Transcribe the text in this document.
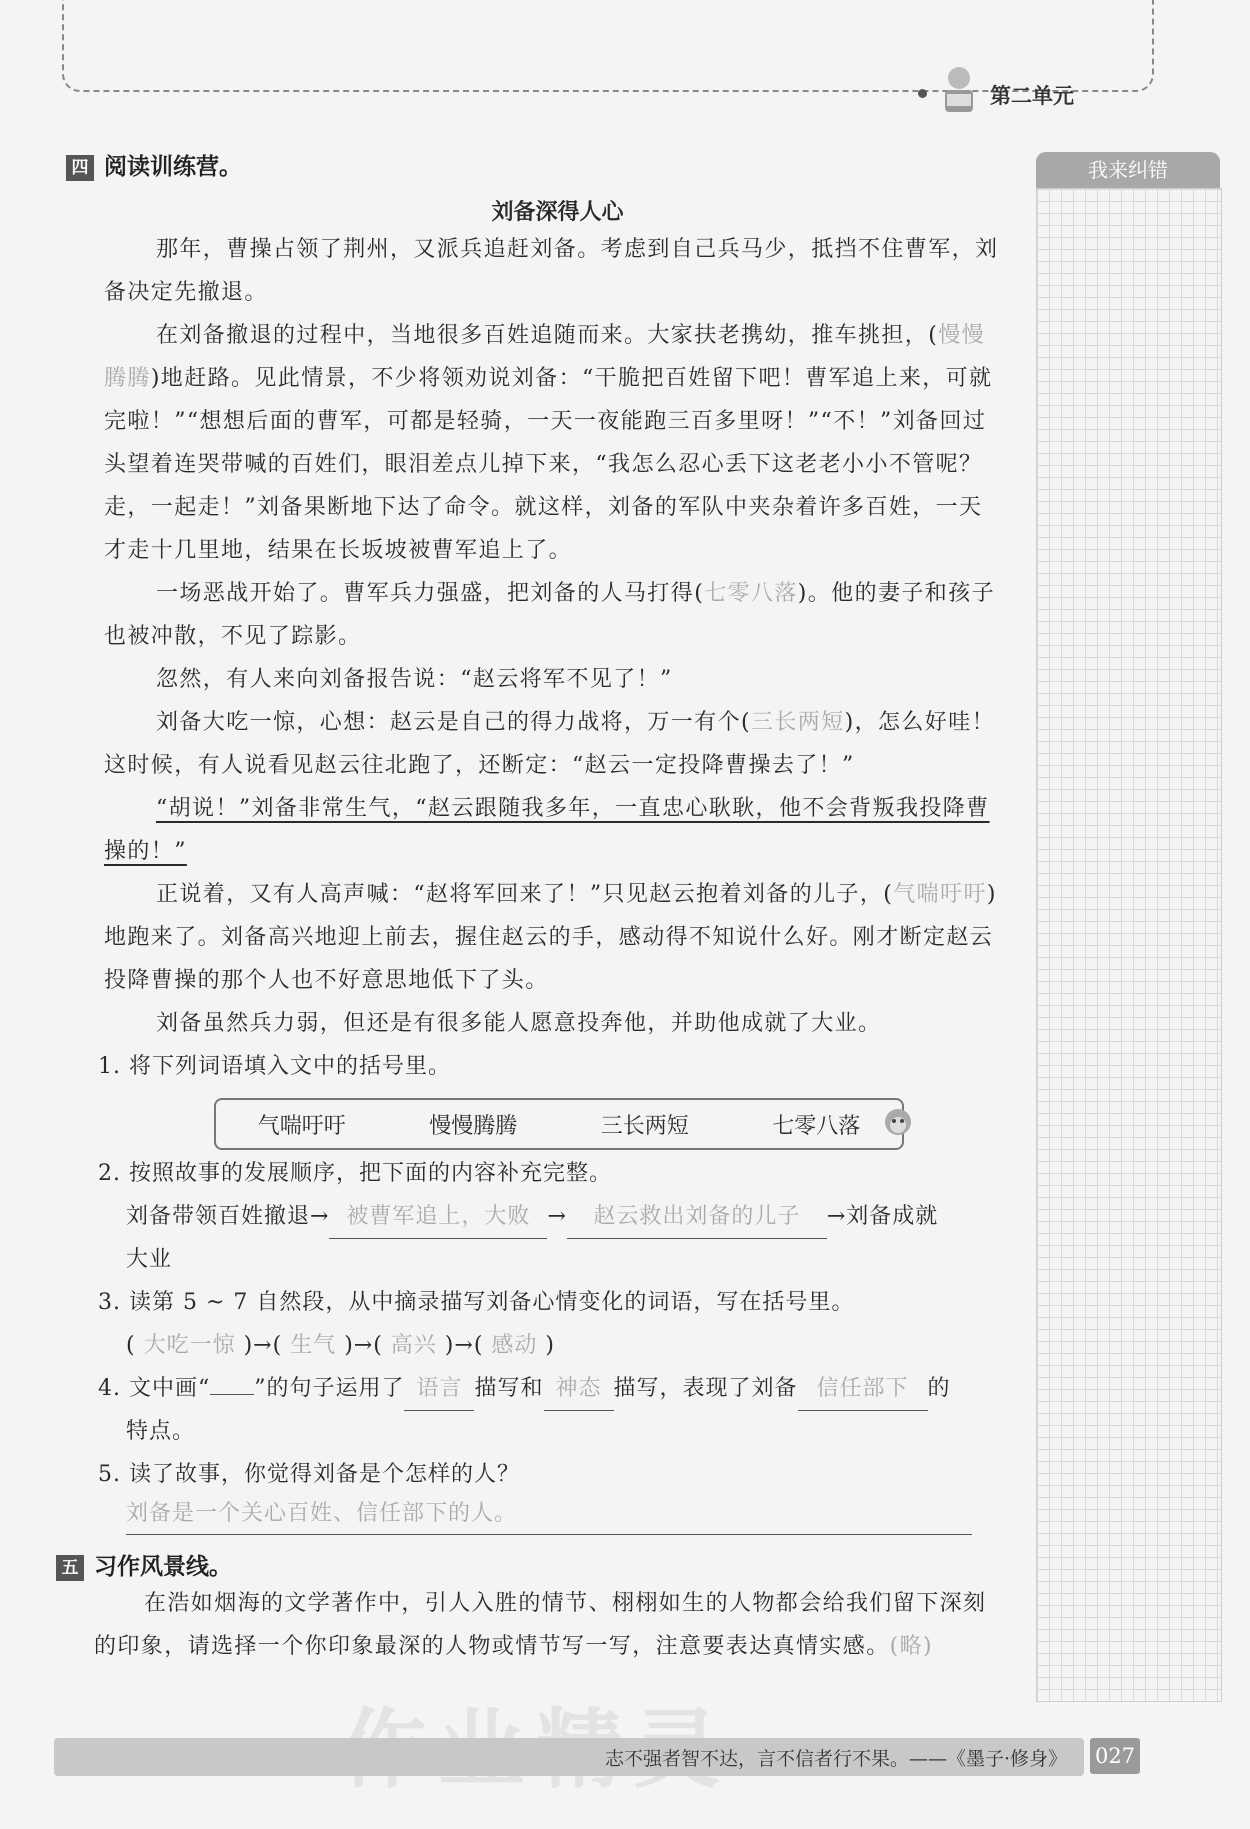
第二单元
四 阅读训练营。	我来纠错
刘备深得人心

那年，曹操占领了荆州，又派兵追赶刘备。考虑到自己兵马少，抵挡不住曹军，刘备决定先撤退。

在刘备撤退的过程中，当地很多百姓追随而来。大家扶老携幼，推车挑担，(慢慢腾腾)地赶路。见此情景，不少将领劝说刘备：“干脆把百姓留下吧！曹军追上来，可就完啦！”“想想后面的曹军，可都是轻骑，一天一夜能跑三百多里呀！”“不！”刘备回过头望着连哭带喊的百姓们，眼泪差点儿掉下来，“我怎么忍心丢下这老老小小不管呢？走，一起走！”刘备果断地下达了命令。就这样，刘备的军队中夹杂着许多百姓，一天才走十几里地，结果在长坂坡被曹军追上了。

一场恶战开始了。曹军兵力强盛，把刘备的人马打得(七零八落)。他的妻子和孩子也被冲散，不见了踪影。

忽然，有人来向刘备报告说：“赵云将军不见了！”

刘备大吃一惊，心想：赵云是自己的得力战将，万一有个(三长两短)，怎么好哇！这时候，有人说看见赵云往北跑了，还断定：“赵云一定投降曹操去了！”

“胡说！”刘备非常生气，“赵云跟随我多年，一直忠心耿耿，他不会背叛我投降曹操的！”

正说着，又有人高声喊：“赵将军回来了！”只见赵云抱着刘备的儿子，(气喘吁吁)地跑来了。刘备高兴地迎上前去，握住赵云的手，感动得不知说什么好。刚才断定赵云投降曹操的那个人也不好意思地低下了头。

刘备虽然兵力弱，但还是有很多能人愿意投奔他，并助他成就了大业。

1. 将下列词语填入文中的括号里。
气喘吁吁	慢慢腾腾	三长两短	七零八落
2. 按照故事的发展顺序，把下面的内容补充完整。
刘备带领百姓撤退→ 被曹军追上，大败 → 赵云救出刘备的儿子 →刘备成就
大业
3. 读第 5 ~ 7 自然段，从中摘录描写刘备心情变化的词语，写在括号里。
( 大吃一惊 )→( 生气 )→( 高兴 )→( 感动 )
4. 文中画“ ”的句子运用了 语言 描写和 神态 描写，表现了刘备 信任部下 的
特点。
5. 读了故事，你觉得刘备是个怎样的人？
刘备是一个关心百姓、信任部下的人。
五 习作风景线。

在浩如烟海的文学著作中，引人入胜的情节、栩栩如生的人物都会给我们留下深刻的印象，请选择一个你印象最深的人物或情节写一写，注意要表达真情实感。(略)

志不强者智不达，言不信者行不果。——《墨子·修身》 027
